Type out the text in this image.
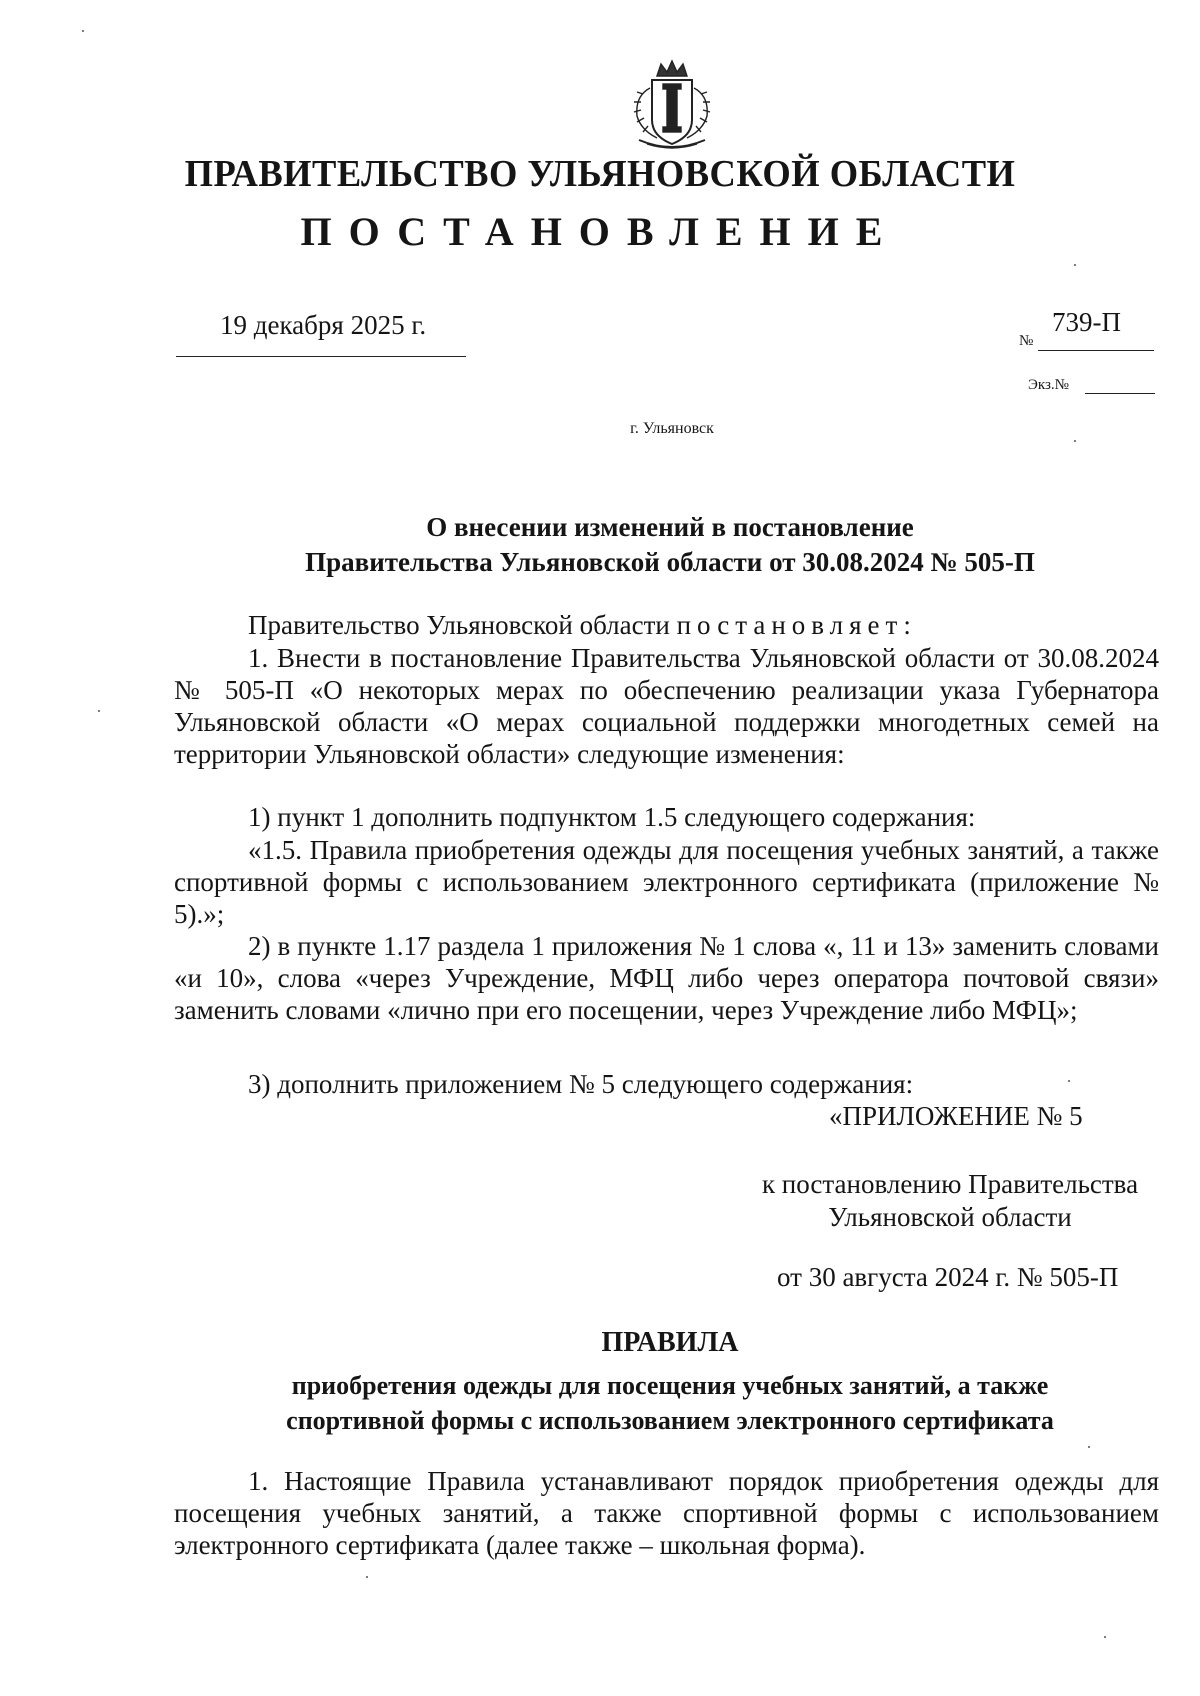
ПРАВИТЕЛЬСТВО УЛЬЯНОВСКОЙ ОБЛАСТИ
ПОСТАНОВЛЕНИЕ
19 декабря 2025 г.
№
739-П
Экз.№
г. Ульяновск
О внесении изменений в постановление
Правительства Ульяновской области от 30.08.2024 № 505-П
Правительство Ульяновской области постановляет:

1. Внести в постановление Правительства Ульяновской области от 30.08.2024 № 505-П «О некоторых мерах по обеспечению реализации указа Губернатора Ульяновской области «О мерах социальной поддержки многодетных семей на территории Ульяновской области» следующие изменения:

1) пункт 1 дополнить подпунктом 1.5 следующего содержания:

«1.5. Правила приобретения одежды для посещения учебных занятий, а также спортивной формы с использованием электронного сертификата (приложение № 5).»;

2) в пункте 1.17 раздела 1 приложения № 1 слова «, 11 и 13» заменить словами «и 10», слова «через Учреждение, МФЦ либо через оператора почтовой связи» заменить словами «лично при его посещении, через Учреждение либо МФЦ»;

3) дополнить приложением № 5 следующего содержания:
«ПРИЛОЖЕНИЕ № 5
к постановлению Правительства
Ульяновской области
от 30 августа 2024 г. № 505-П
ПРАВИЛА
приобретения одежды для посещения учебных занятий, а также
спортивной формы с использованием электронного сертификата

1. Настоящие Правила устанавливают порядок приобретения одежды для посещения учебных занятий, а также спортивной формы с использованием электронного сертификата (далее также – школьная форма).
